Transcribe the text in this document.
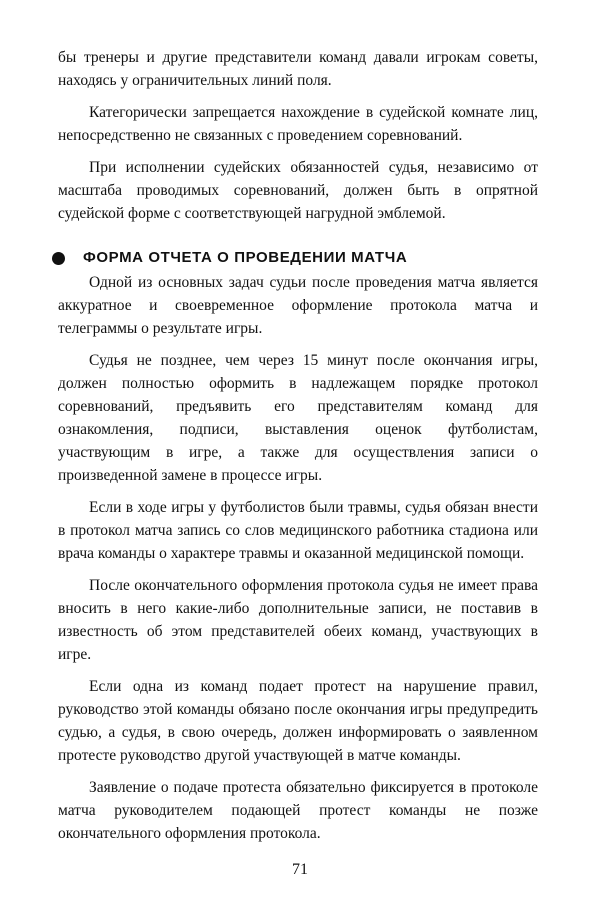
бы тренеры и другие представители команд давали игрокам советы, находясь у ограничительных линий поля.

Категорически запрещается нахождение в судейской комнате лиц, непосредственно не связанных с проведением соревнований.

При исполнении судейских обязанностей судья, независимо от масштаба проводимых соревнований, должен быть в опрятной судейской форме с соответствующей нагрудной эмблемой.

ФОРМА ОТЧЕТА О ПРОВЕДЕНИИ МАТЧА

Одной из основных задач судьи после проведения матча является аккуратное и своевременное оформление протокола матча и телеграммы о результате игры.

Судья не позднее, чем через 15 минут после окончания игры, должен полностью оформить в надлежащем порядке протокол соревнований, предъявить его представителям команд для ознакомления, подписи, выставления оценок футболистам, участвующим в игре, а также для осуществления записи о произведенной замене в процессе игры.

Если в ходе игры у футболистов были травмы, судья обязан внести в протокол матча запись со слов медицинского работника стадиона или врача команды о характере травмы и оказанной медицинской помощи.

После окончательного оформления протокола судья не имеет права вносить в него какие-либо дополнительные записи, не поставив в известность об этом представителей обеих команд, участвующих в игре.

Если одна из команд подает протест на нарушение правил, руководство этой команды обязано после окончания игры предупредить судью, а судья, в свою очередь, должен информировать о заявленном протесте руководство другой участвующей в матче команды.

Заявление о подаче протеста обязательно фиксируется в протоколе матча руководителем подающей протест команды не позже окончательного оформления протокола.

71
